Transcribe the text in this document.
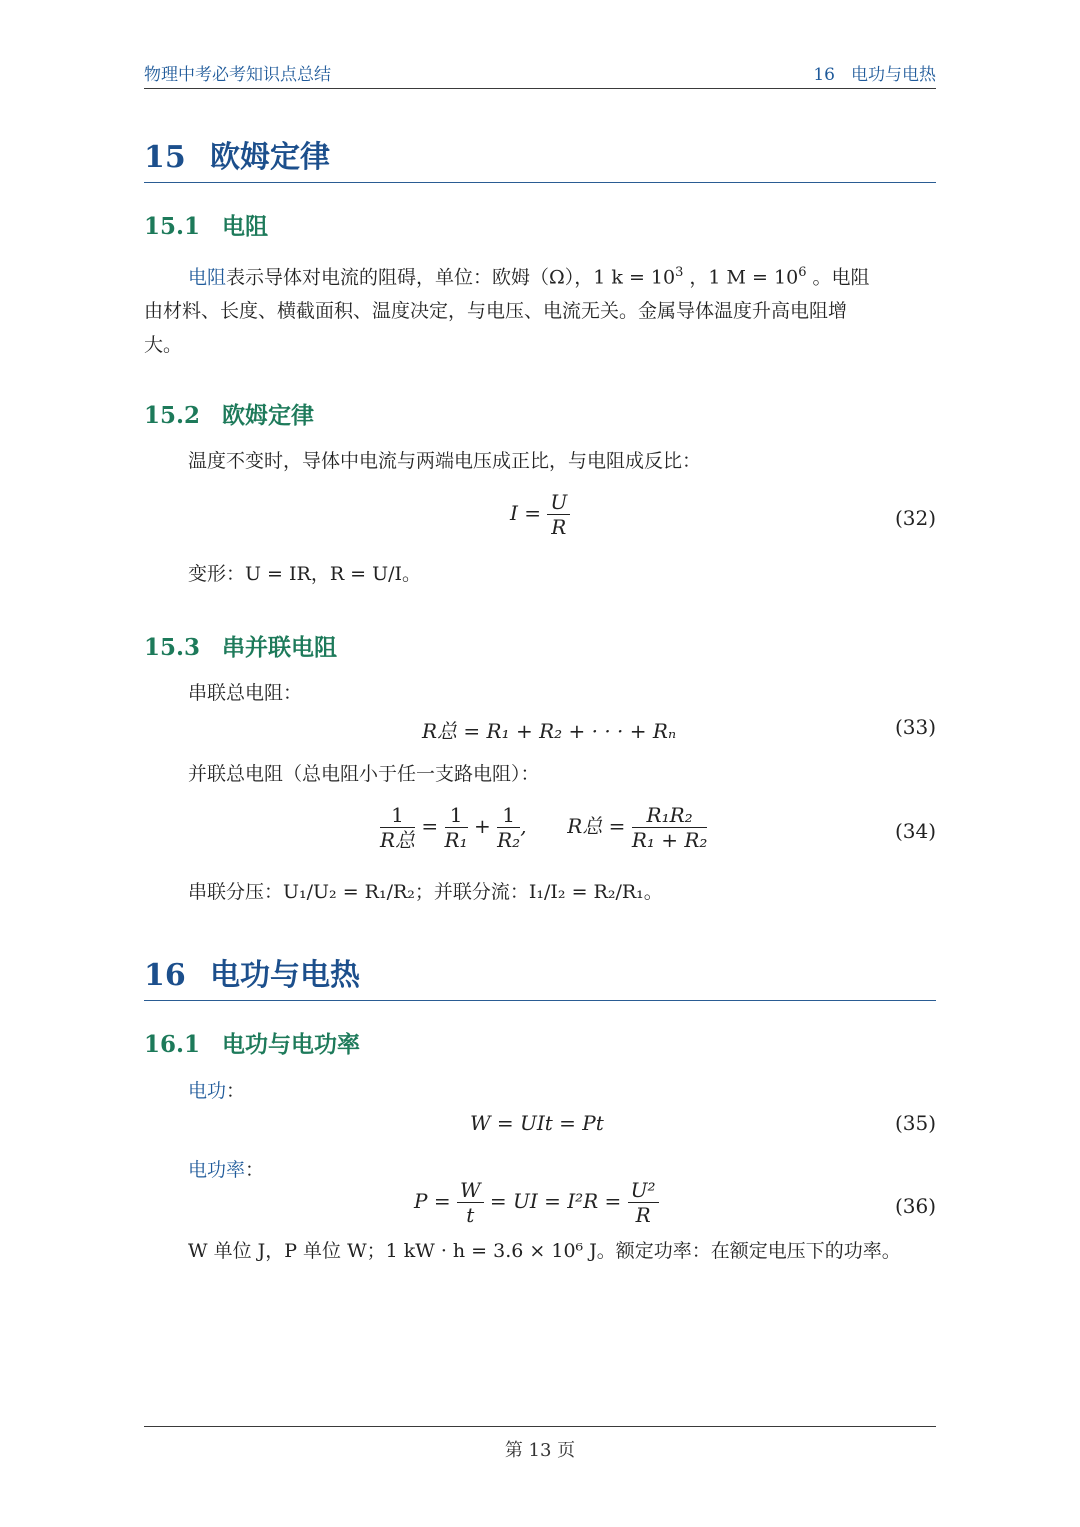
物理中考必考知识点总结	16 电功与电热
15 欧姆定律
15.1 电阻
电阻表示导体对电流的阻碍，单位：欧姆（Ω），1 $k = 10^3$ ，1 $M = 10^6$ 。电阻
由材料、长度、横截面积、温度决定，与电压、电流无关。金属导体温度升高电阻增
大。
15.2 欧姆定律
温度不变时，导体中电流与两端电压成正比，与电阻成反比：
$I = \frac{U}{R}$	(32)
变形：U = IR，R = U/I。
15.3 串并联电阻
串联总电阻：
R总 = R₁ + R₂ + · · · + Rₙ	(33)
并联总电阻（总电阻小于任一支路电阻）：
$\frac{1}{\text{R总}} = \frac{1}{\text{R₁}} + \frac{1}{\text{R₂}}$ , R总 = $\frac{\text{R₁R₂}}{\text{R₁ + R₂}}$	(34)
串联分压：U₁/U₂ = R₁/R₂；并联分流：I₁/I₂ = R₂/R₁。
16 电功与电热
16.1 电功与电功率
电功：
W = UIt = Pt	(35)
电功率：
$P = \frac{W}{t}$ = UI = $I^2R = \frac{\text{U²}}{R}$	(36)
W 单位 J，P 单位 W；1 kW · h = 3.6 × 10⁶ J。额定功率：在额定电压下的功率。
第 13 页
